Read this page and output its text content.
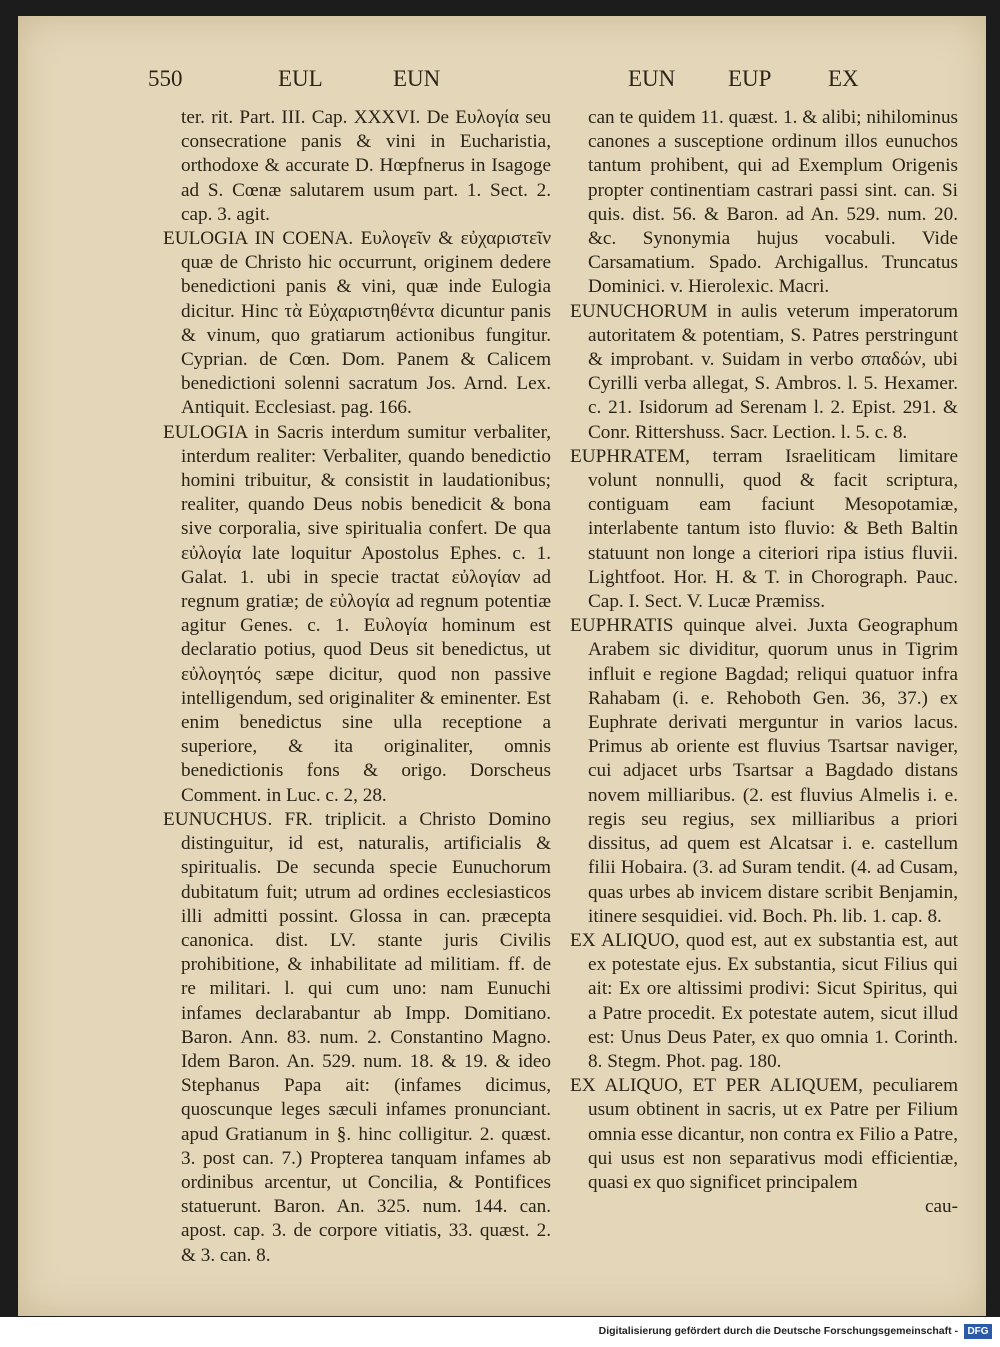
550	EUL	EUN	EUN EUP EX

ter. rit. Part. III. Cap. XXXVI. De Ευλογία seu consecratione panis & vini in Eucharistia, orthodoxe & accurate D. Hœpfnerus in Isagoge ad S. Cœnæ salutarem usum part. 1. Sect. 2. cap. 3. agit.

EULOGIA IN COENA. Ευλογεῖν & εὐχαριστεῖν quæ de Christo hic occurrunt, originem dedere benedictioni panis & vini, quæ inde Eulogia dicitur. Hinc τὰ Εὐχαριστηθέντα dicuntur panis & vinum, quo gratiarum actionibus fungitur. Cyprian. de Cœn. Dom. Panem & Calicem benedictioni solenni sacratum Jos. Arnd. Lex. Antiquit. Ecclesiast. pag. 166.

EULOGIA in Sacris interdum sumitur verbaliter, interdum realiter: Verbaliter, quando benedictio homini tribuitur, & consistit in laudationibus; realiter, quando Deus nobis benedicit & bona sive corporalia, sive spiritualia confert. De qua εὐλογία late loquitur Apostolus Ephes. c. 1. Galat. 1. ubi in specie tractat εὐλογίαν ad regnum gratiæ; de εὐλογία ad regnum potentiæ agitur Genes. c. 1. Ευλογία hominum est declaratio potius, quod Deus sit benedictus, ut εὐλογητός sæpe dicitur, quod non passive intelligendum, sed originaliter & eminenter. Est enim benedictus sine ulla receptione a superiore, & ita originaliter, omnis benedictionis fons & origo. Dorscheus Comment. in Luc. c. 2, 28.

EUNUCHUS. FR. triplicit. a Christo Domino distinguitur, id est, naturalis, artificialis & spiritualis. De secunda specie Eunuchorum dubitatum fuit; utrum ad ordines ecclesiasticos illi admitti possint. Glossa in can. præcepta canonica. dist. LV. stante juris Civilis prohibitione, & inhabilitate ad militiam. ff. de re militari. l. qui cum uno: nam Eunuchi infames declarabantur ab Impp. Domitiano. Baron. Ann. 83. num. 2. Constantino Magno. Idem Baron. An. 529. num. 18. & 19. & ideo Stephanus Papa ait: (infames dicimus, quoscunque leges sæculi infames pronunciant. apud Gratianum in §. hinc colligitur. 2. quæst. 3. post can. 7.) Propterea tanquam infames ab ordinibus arcentur, ut Concilia, & Pontifices statuerunt. Baron. An. 325. num. 144. can. apost. cap. 3. de corpore vitiatis, 33. quæst. 2. & 3. can. 8.

can te quidem 11. quæst. 1. & alibi; nihilominus canones a susceptione ordinum illos eunuchos tantum prohibent, qui ad Exemplum Origenis propter continentiam castrari passi sint. can. Si quis. dist. 56. & Baron. ad An. 529. num. 20. &c. Synonymia hujus vocabuli. Vide Carsamatium. Spado. Archigallus. Truncatus Dominici. v. Hierolexic. Macri.

EUNUCHORUM in aulis veterum imperatorum autoritatem & potentiam, S. Patres perstringunt & improbant. v. Suidam in verbo σπαδών, ubi Cyrilli verba allegat, S. Ambros. l. 5. Hexamer. c. 21. Isidorum ad Serenam l. 2. Epist. 291. & Conr. Rittershuss. Sacr. Lection. l. 5. c. 8.

EUPHRATEM, terram Israeliticam limitare volunt nonnulli, quod & facit scriptura, contiguam eam faciunt Mesopotamiæ, interlabente tantum isto fluvio: & Beth Baltin statuunt non longe a citeriori ripa istius fluvii. Lightfoot. Hor. H. & T. in Chorograph. Pauc. Cap. I. Sect. V. Lucæ Præmiss.

EUPHRATIS quinque alvei. Juxta Geographum Arabem sic dividitur, quorum unus in Tigrim influit e regione Bagdad; reliqui quatuor infra Rahabam (i. e. Rehoboth Gen. 36, 37.) ex Euphrate derivati merguntur in varios lacus. Primus ab oriente est fluvius Tsartsar naviger, cui adjacet urbs Tsartsar a Bagdado distans novem milliaribus. (2. est fluvius Almelis i. e. regis seu regius, sex milliaribus a priori dissitus, ad quem est Alcatsar i. e. castellum filii Hobaira. (3. ad Suram tendit. (4. ad Cusam, quas urbes ab invicem distare scribit Benjamin, itinere sesquidiei. vid. Boch. Ph. lib. 1. cap. 8.

EX ALIQUO, quod est, aut ex substantia est, aut ex potestate ejus. Ex substantia, sicut Filius qui ait: Ex ore altissimi prodivi: Sicut Spiritus, qui a Patre procedit. Ex potestate autem, sicut illud est: Unus Deus Pater, ex quo omnia 1. Corinth. 8. Stegm. Phot. pag. 180.

EX ALIQUO, ET PER ALIQUEM, peculiarem usum obtinent in sacris, ut ex Patre per Filium omnia esse dicantur, non contra ex Filio a Patre, qui usus est non separativus modi efficientiæ, quasi ex quo significet principalem

cau-

Digitalisierung gefördert durch die Deutsche Forschungsgemeinschaft - DFG
